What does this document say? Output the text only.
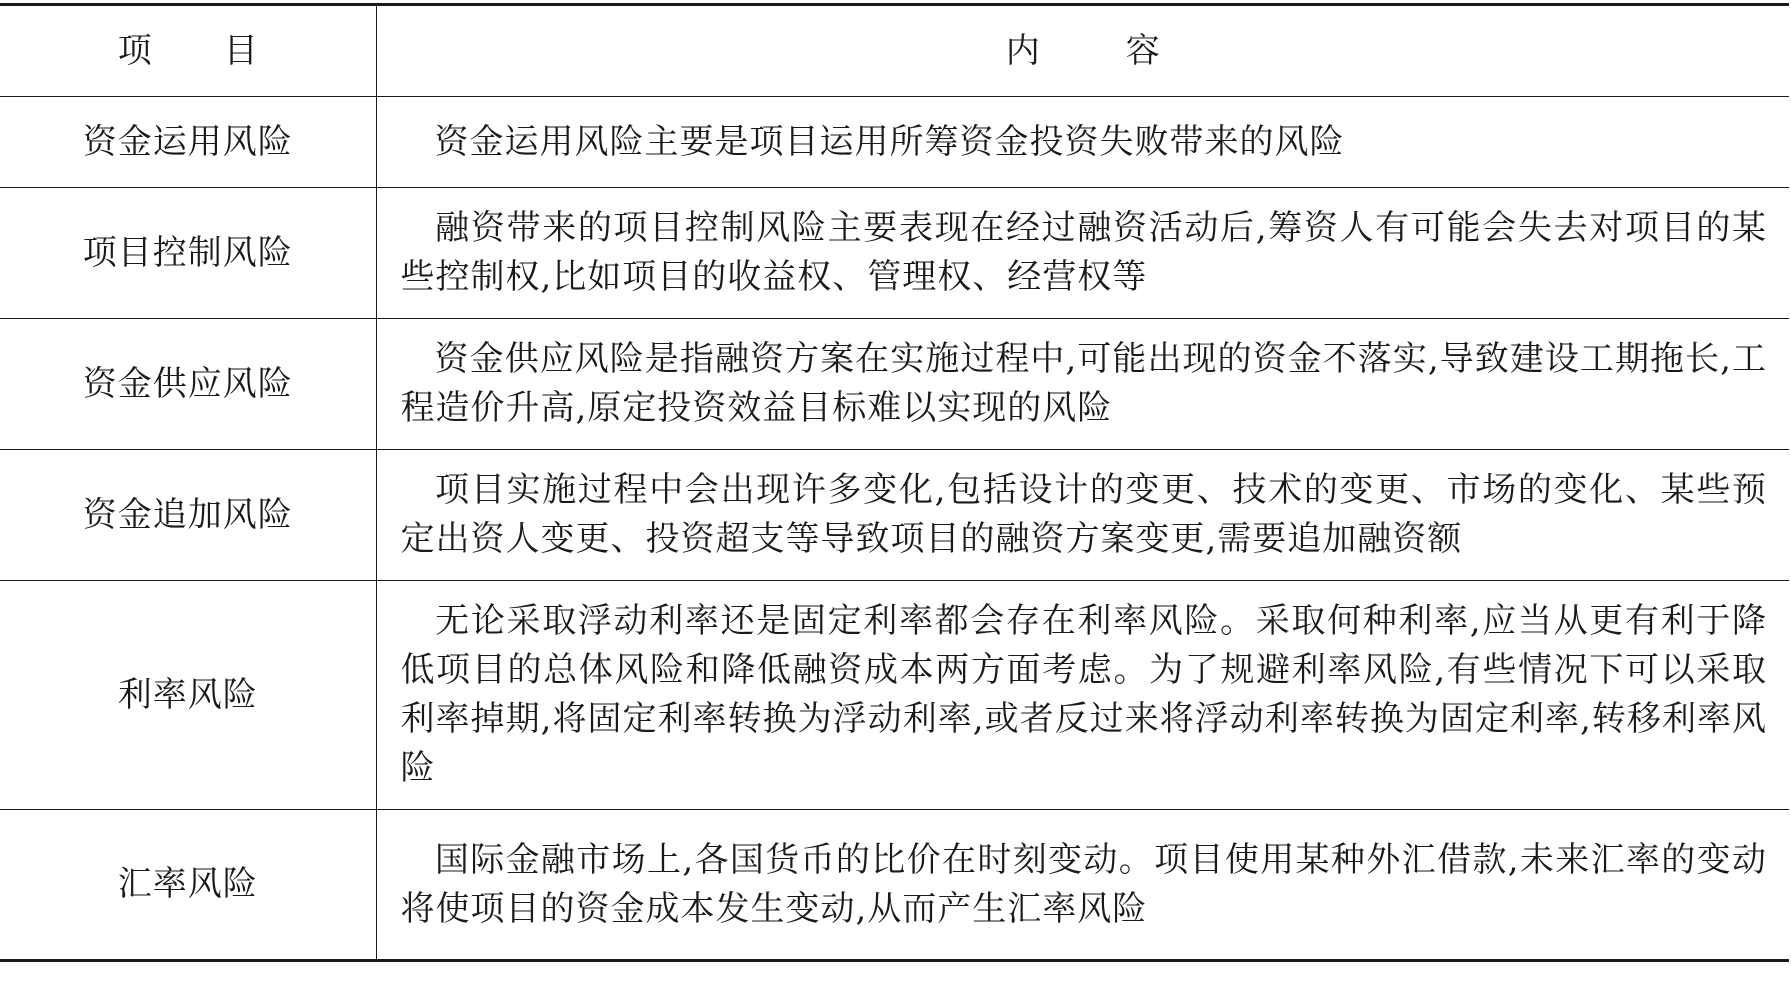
项目	内容
资金运用风险	资金运用风险主要是项目运用所筹资金投资失败带来的风险
项目控制风险	融资带来的项目控制风险主要表现在经过融资活动后,筹资人有可能会失去对项目的某些控制权,比如项目的收益权、管理权、经营权等
资金供应风险	资金供应风险是指融资方案在实施过程中,可能出现的资金不落实,导致建设工期拖长,工程造价升高,原定投资效益目标难以实现的风险
资金追加风险	项目实施过程中会出现许多变化,包括设计的变更、技术的变更、市场的变化、某些预定出资人变更、投资超支等导致项目的融资方案变更,需要追加融资额
利率风险	无论采取浮动利率还是固定利率都会存在利率风险。采取何种利率,应当从更有利于降低项目的总体风险和降低融资成本两方面考虑。为了规避利率风险,有些情况下可以采取利率掉期,将固定利率转换为浮动利率,或者反过来将浮动利率转换为固定利率,转移利率风险
汇率风险	国际金融市场上,各国货币的比价在时刻变动。项目使用某种外汇借款,未来汇率的变动将使项目的资金成本发生变动,从而产生汇率风险
